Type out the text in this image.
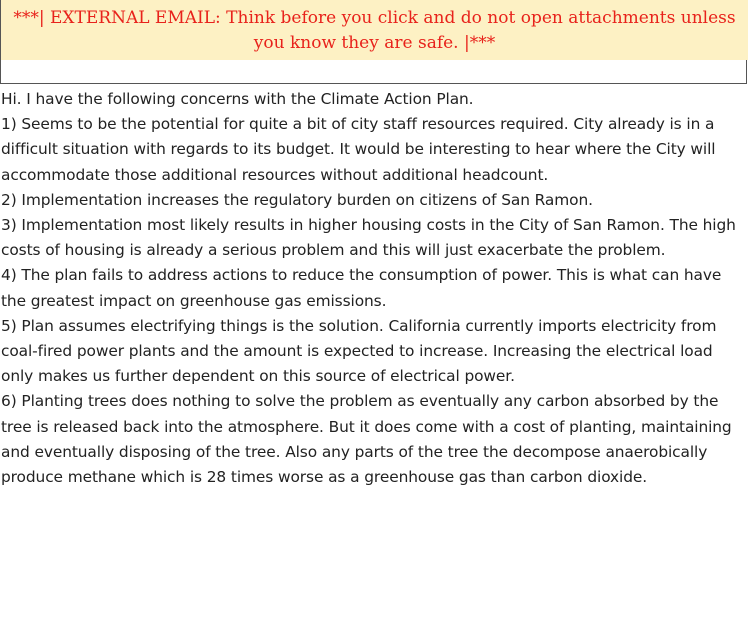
***| EXTERNAL EMAIL: Think before you click and do not open attachments unless you know they are safe. |***

Hi. I have the following concerns with the Climate Action Plan.

1) Seems to be the potential for quite a bit of city staff resources required. City already is in a difficult situation with regards to its budget. It would be interesting to hear where the City will accommodate those additional resources without additional headcount.

2) Implementation increases the regulatory burden on citizens of San Ramon.

3) Implementation most likely results in higher housing costs in the City of San Ramon. The high costs of housing is already a serious problem and this will just exacerbate the problem.

4) The plan fails to address actions to reduce the consumption of power. This is what can have the greatest impact on greenhouse gas emissions.

5) Plan assumes electrifying things is the solution. California currently imports electricity from coal-fired power plants and the amount is expected to increase. Increasing the electrical load only makes us further dependent on this source of electrical power.

6) Planting trees does nothing to solve the problem as eventually any carbon absorbed by the tree is released back into the atmosphere. But it does come with a cost of planting, maintaining and eventually disposing of the tree. Also any parts of the tree the decompose anaerobically produce methane which is 28 times worse as a greenhouse gas than carbon dioxide.
